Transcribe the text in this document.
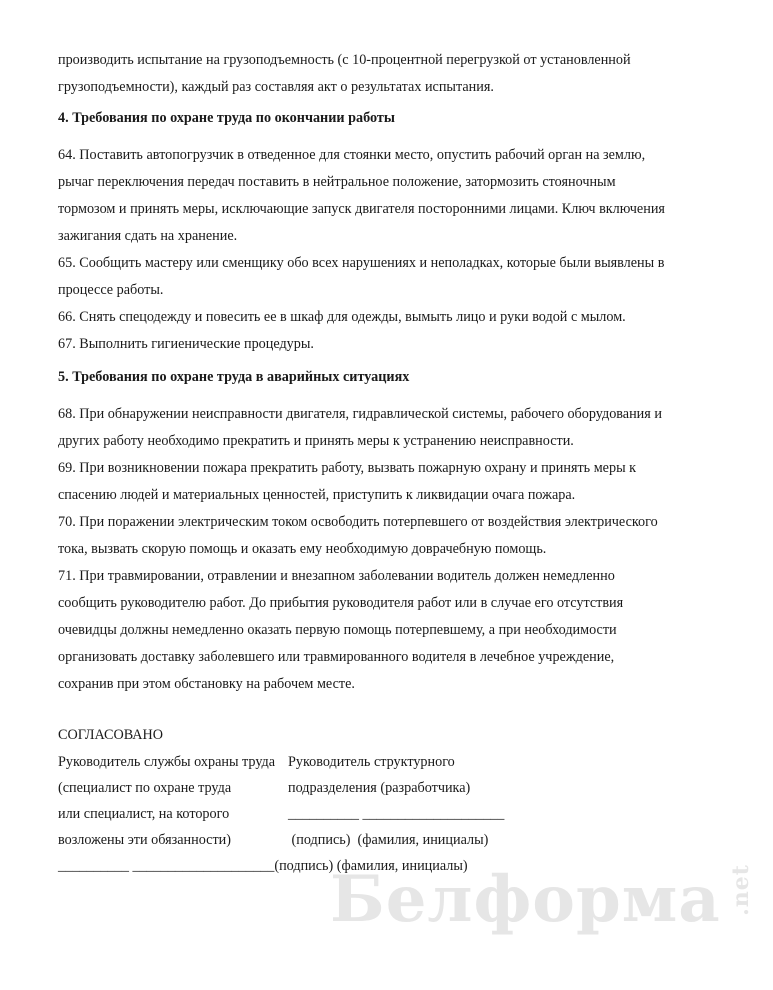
производить испытание на грузоподъемность (с 10-процентной перегрузкой от установленной
грузоподъемности), каждый раз составляя акт о результатах испытания.

4. Требования по охране труда по окончании работы

64. Поставить автопогрузчик в отведенное для стоянки место, опустить рабочий орган на землю,
рычаг переключения передач поставить в нейтральное положение, затормозить стояночным
тормозом и принять меры, исключающие запуск двигателя посторонними лицами. Ключ включения
зажигания сдать на хранение.

65. Сообщить мастеру или сменщику обо всех нарушениях и неполадках, которые были выявлены в
процессе работы.

66. Снять спецодежду и повесить ее в шкаф для одежды, вымыть лицо и руки водой с мылом.

67. Выполнить гигиенические процедуры.

5. Требования по охране труда в аварийных ситуациях

68. При обнаружении неисправности двигателя, гидравлической системы, рабочего оборудования и
других работу необходимо прекратить и принять меры к устранению неисправности.

69. При возникновении пожара прекратить работу, вызвать пожарную охрану и принять меры к
спасению людей и материальных ценностей, приступить к ликвидации очага пожара.

70. При поражении электрическим током освободить потерпевшего от воздействия электрического
тока, вызвать скорую помощь и оказать ему необходимую доврачебную помощь.

71. При травмировании, отравлении и внезапном заболевании водитель должен немедленно
сообщить руководителю работ. До прибытия руководителя работ или в случае его отсутствия
очевидцы должны немедленно оказать первую помощь потерпевшему, а при необходимости
организовать доставку заболевшего или травмированного водителя в лечебное учреждение,
сохранив при этом обстановку на рабочем месте.

СОГЛАСОВАНО
Руководитель службы охраны труда
(специалист по охране труда
или специалист, на которого
возложены эти обязанности)
Руководитель структурного
подразделения (разработчика)
__________ ____________________
(подпись)  (фамилия, инициалы)
__________ ____________________(подпись) (фамилия, инициалы)
Белформа .net
